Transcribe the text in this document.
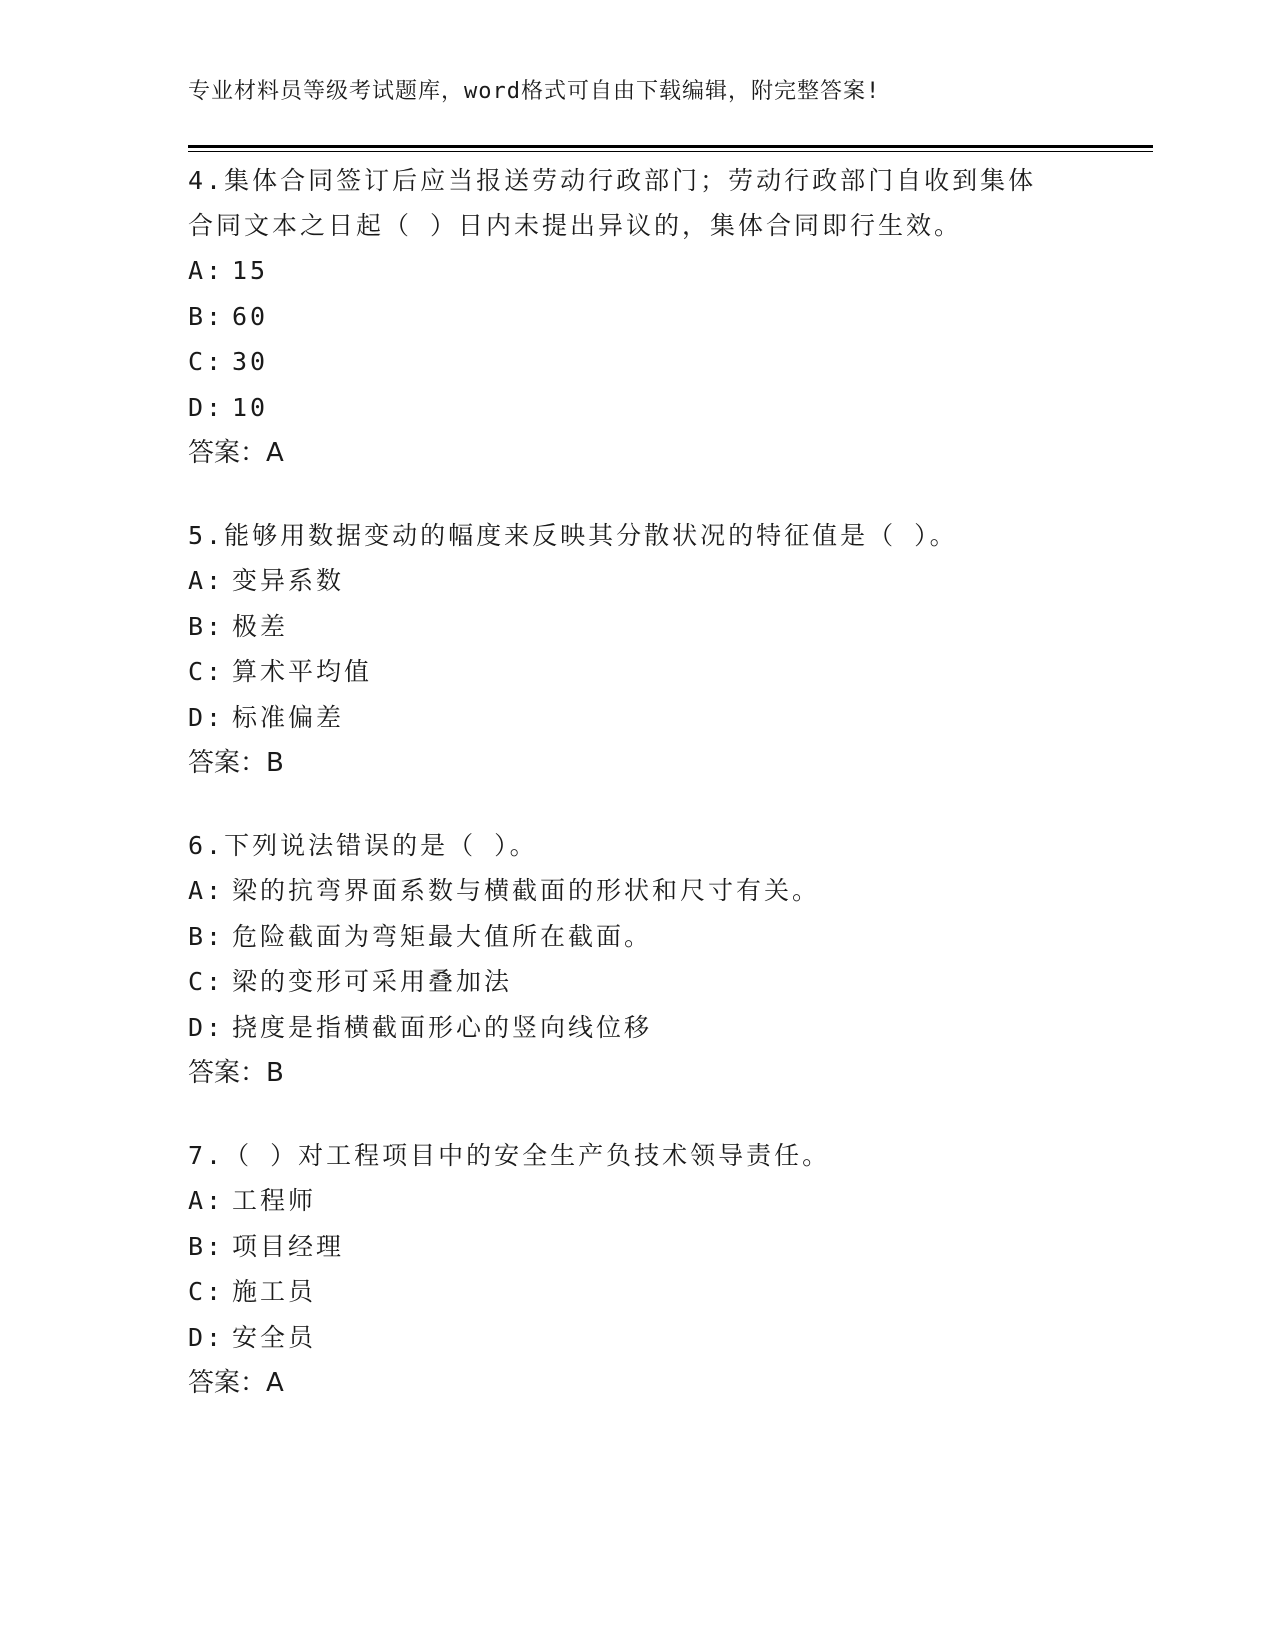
专业材料员等级考试题库，word格式可自由下载编辑，附完整答案!
4.集体合同签订后应当报送劳动行政部门；劳动行政部门自收到集体
合同文本之日起（ ）日内未提出异议的，集体合同即行生效。
A: 15
B: 60
C: 30
D: 10
答案：A
5.能够用数据变动的幅度来反映其分散状况的特征值是（ ）。
A: 变异系数
B: 极差
C: 算术平均值
D: 标准偏差
答案：B
6.下列说法错误的是（ ）。
A: 梁的抗弯界面系数与横截面的形状和尺寸有关。
B: 危险截面为弯矩最大值所在截面。
C: 梁的变形可采用叠加法
D: 挠度是指横截面形心的竖向线位移
答案：B
7.（ ）对工程项目中的安全生产负技术领导责任。
A: 工程师
B: 项目经理
C: 施工员
D: 安全员
答案：A
